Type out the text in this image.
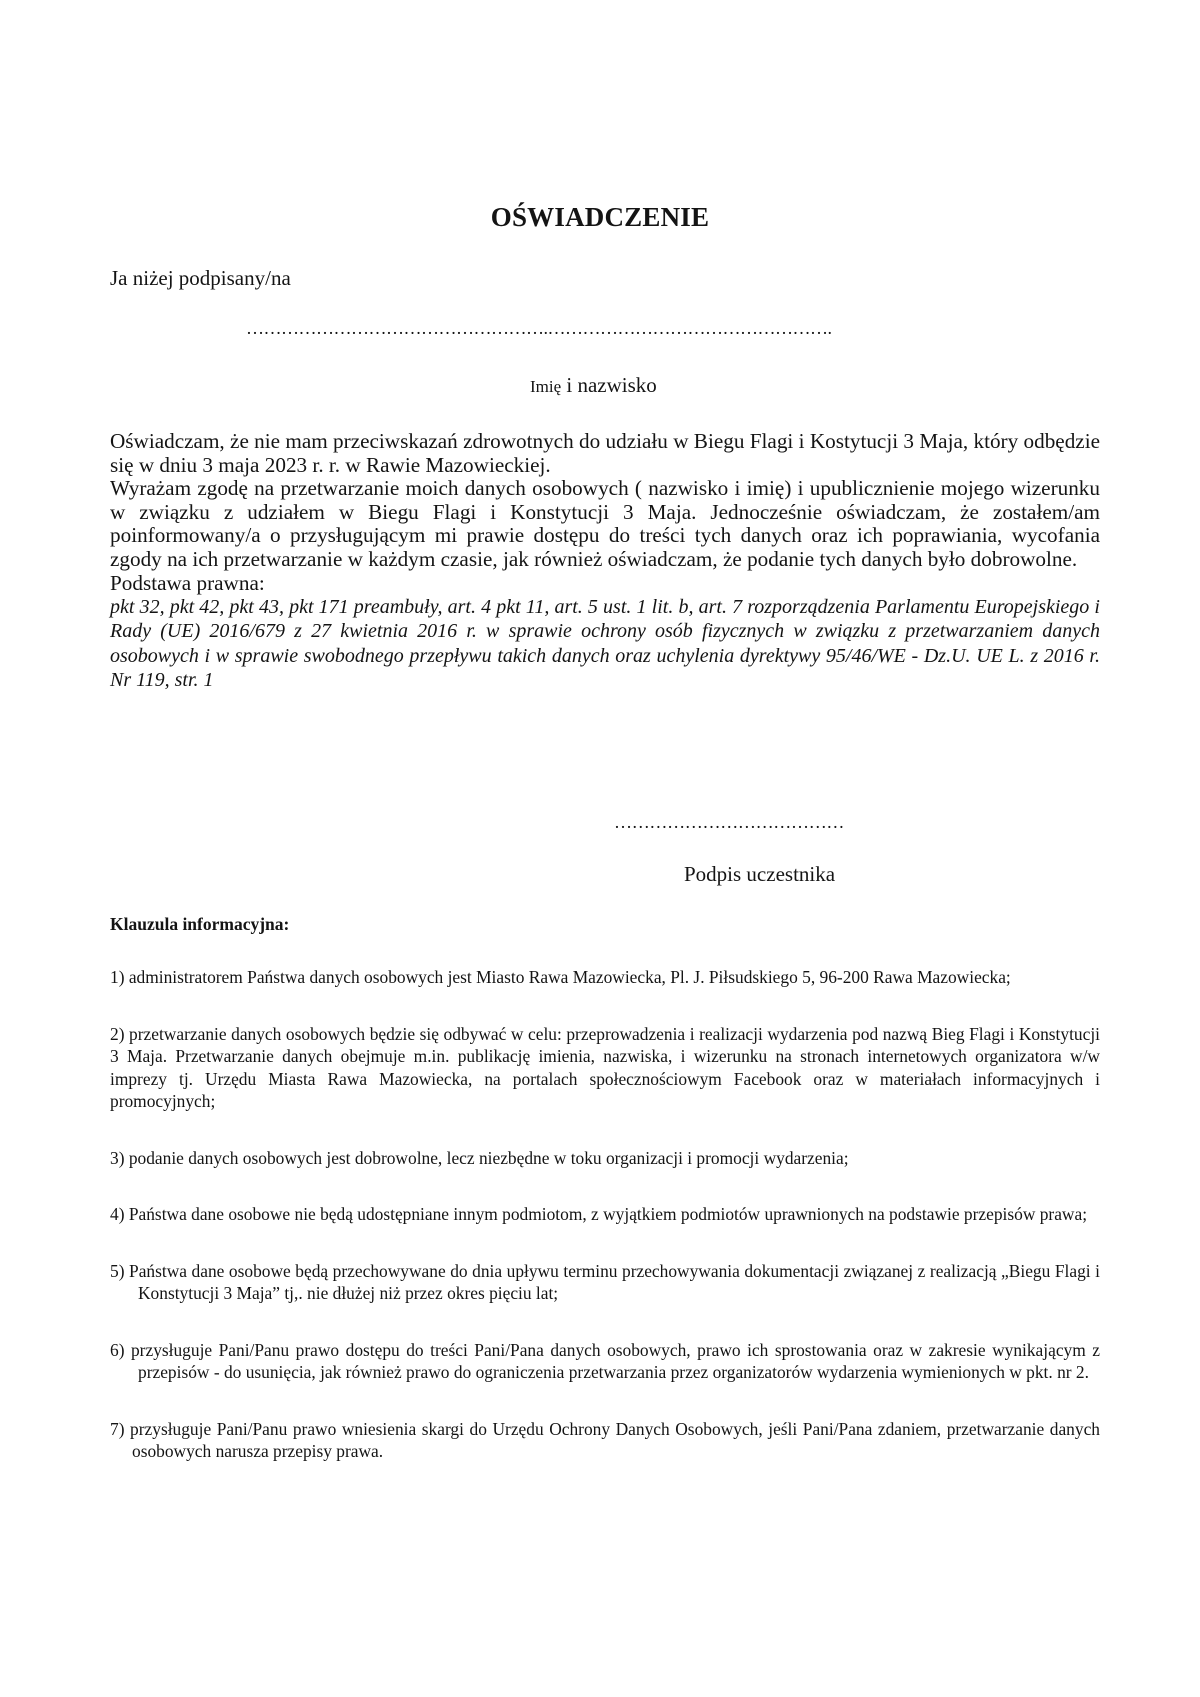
OŚWIADCZENIE
Ja niżej podpisany/na
…………………………………………….………………………………………….
Imię i nazwisko

Oświadczam, że nie mam przeciwskazań zdrowotnych do udziału w Biegu Flagi i Kostytucji 3 Maja, który odbędzie się w dniu 3 maja 2023 r. r. w Rawie Mazowieckiej.

Wyrażam zgodę na przetwarzanie moich danych osobowych ( nazwisko i imię) i upublicznienie mojego wizerunku w związku z udziałem w Biegu Flagi i Konstytucji 3 Maja. Jednocześnie oświadczam, że zostałem/am poinformowany/a o przysługującym mi prawie dostępu do treści tych danych oraz ich poprawiania, wycofania zgody na ich przetwarzanie w każdym czasie, jak również oświadczam, że podanie tych danych było dobrowolne.

Podstawa prawna:

pkt 32, pkt 42, pkt 43, pkt 171 preambuły, art. 4 pkt 11, art. 5 ust. 1 lit. b, art. 7 rozporządzenia Parlamentu Europejskiego i Rady (UE) 2016/679 z 27 kwietnia 2016 r. w sprawie ochrony osób fizycznych w związku z przetwarzaniem danych osobowych i w sprawie swobodnego przepływu takich danych oraz uchylenia dyrektywy 95/46/WE - Dz.U. UE L. z 2016 r. Nr 119, str. 1

…………………………………
Podpis uczestnika
Klauzula informacyjna:

1) administratorem Państwa danych osobowych jest Miasto Rawa Mazowiecka, Pl. J. Piłsudskiego 5, 96-200 Rawa Mazowiecka;

2) przetwarzanie danych osobowych będzie się odbywać w celu: przeprowadzenia i realizacji wydarzenia pod nazwą Bieg Flagi i Konstytucji 3 Maja. Przetwarzanie danych obejmuje m.in. publikację imienia, nazwiska, i wizerunku na stronach internetowych organizatora w/w imprezy tj. Urzędu Miasta Rawa Mazowiecka, na portalach społecznościowym Facebook oraz w materiałach informacyjnych i promocyjnych;

3) podanie danych osobowych jest dobrowolne, lecz niezbędne w toku organizacji i promocji wydarzenia;

4) Państwa dane osobowe nie będą udostępniane innym podmiotom, z wyjątkiem podmiotów uprawnionych na podstawie przepisów prawa;

5) Państwa dane osobowe będą przechowywane do dnia upływu terminu przechowywania dokumentacji związanej z realizacją „Biegu Flagi i Konstytucji 3 Maja” tj,. nie dłużej niż przez okres pięciu lat;

6) przysługuje Pani/Panu prawo dostępu do treści Pani/Pana danych osobowych, prawo ich sprostowania oraz w zakresie wynikającym z przepisów - do usunięcia, jak również prawo do ograniczenia przetwarzania przez organizatorów wydarzenia wymienionych w pkt. nr 2.

7) przysługuje Pani/Panu prawo wniesienia skargi do Urzędu Ochrony Danych Osobowych, jeśli Pani/Pana zdaniem, przetwarzanie danych osobowych narusza przepisy prawa.
